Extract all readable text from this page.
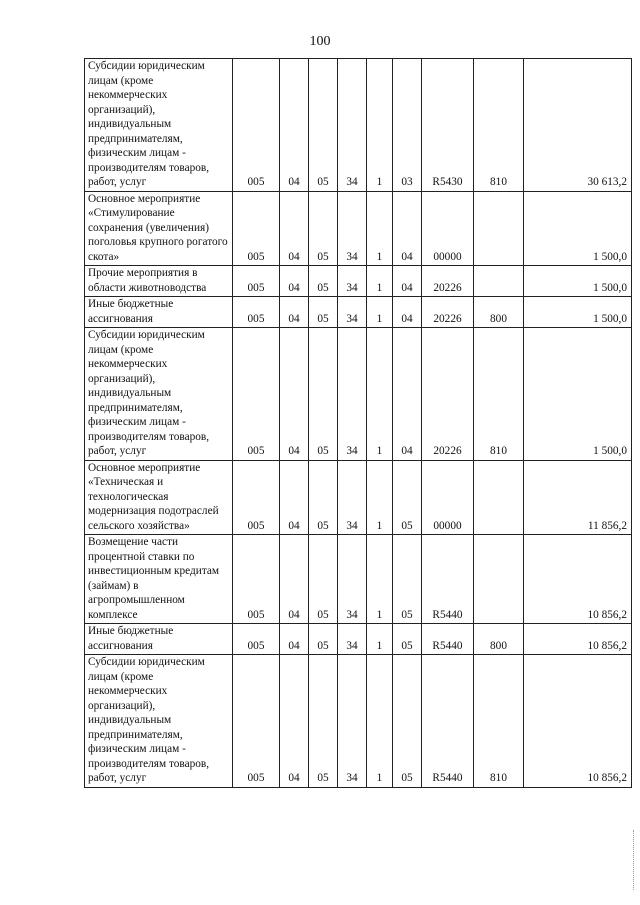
100
Субсидии юридическим лицам (кроме некоммерческих организаций), индивидуальным предпринимателям, физическим лицам - производителям товаров, работ, услуг	005	04	05	34	1	03	R5430	810	30 613,2
Основное мероприятие «Стимулирование сохранения (увеличения) поголовья крупного рогатого скота»	005	04	05	34	1	04	00000		1 500,0
Прочие мероприятия в области животноводства	005	04	05	34	1	04	20226		1 500,0
Иные бюджетные ассигнования	005	04	05	34	1	04	20226	800	1 500,0
Субсидии юридическим лицам (кроме некоммерческих организаций), индивидуальным предпринимателям, физическим лицам - производителям товаров, работ, услуг	005	04	05	34	1	04	20226	810	1 500,0
Основное мероприятие «Техническая и технологическая модернизация подотраслей сельского хозяйства»	005	04	05	34	1	05	00000		11 856,2
Возмещение части процентной ставки по инвестиционным кредитам (займам) в агропромышленном комплексе	005	04	05	34	1	05	R5440		10 856,2
Иные бюджетные ассигнования	005	04	05	34	1	05	R5440	800	10 856,2
Субсидии юридическим лицам (кроме некоммерческих организаций), индивидуальным предпринимателям, физическим лицам - производителям товаров, работ, услуг	005	04	05	34	1	05	R5440	810	10 856,2
